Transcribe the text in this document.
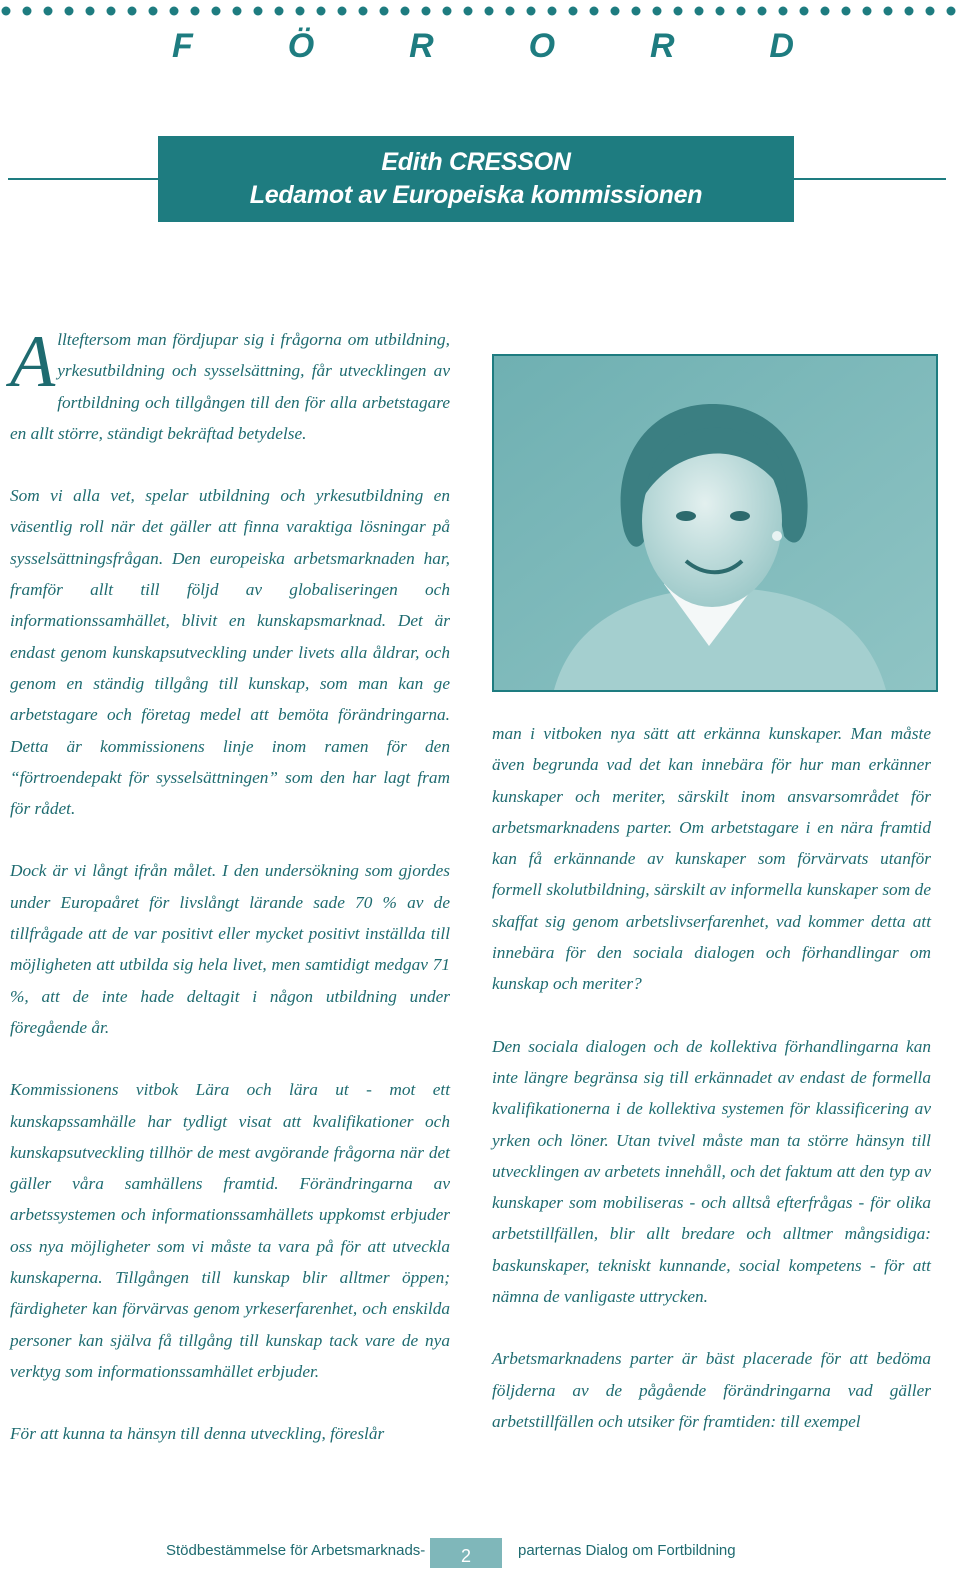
F	Ö	R	O	R	D
Edith CRESSON
Ledamot av Europeiska kommissionen

Allteftersom man fördjupar sig i frågorna om utbildning, yrkesutbildning och sysselsättning, får utvecklingen av fortbildning och tillgången till den för alla arbetstagare en allt större, ständigt bekräftad betydelse.

Som vi alla vet, spelar utbildning och yrkesutbildning en väsentlig roll när det gäller att finna varaktiga lösningar på sysselsättningsfrågan. Den europeiska arbetsmarknaden har, framför allt till följd av globaliseringen och informationssamhället, blivit en kunskapsmarknad. Det är endast genom kunskapsutveckling under livets alla åldrar, och genom en ständig tillgång till kunskap, som man kan ge arbetstagare och företag medel att bemöta förändringarna. Detta är kommissionens linje inom ramen för den “förtroendepakt för sysselsättningen” som den har lagt fram för rådet.

Dock är vi långt ifrån målet. I den undersökning som gjordes under Europaåret för livslångt lärande sade 70 % av de tillfrågade att de var positivt eller mycket positivt inställda till möjligheten att utbilda sig hela livet, men samtidigt medgav 71 %, att de inte hade deltagit i någon utbildning under föregående år.

Kommissionens vitbok Lära och lära ut - mot ett kunskapssamhälle har tydligt visat att kvalifikationer och kunskapsutveckling tillhör de mest avgörande frågorna när det gäller våra samhällens framtid. Förändringarna av arbetssystemen och informationssamhällets uppkomst erbjuder oss nya möjligheter som vi måste ta vara på för att utveckla kunskaperna. Tillgången till kunskap blir alltmer öppen; färdigheter kan förvärvas genom yrkeserfarenhet, och enskilda personer kan själva få tillgång till kunskap tack vare de nya verktyg som informationssamhället erbjuder.

För att kunna ta hänsyn till denna utveckling, föreslår

man i vitboken nya sätt att erkänna kunskaper. Man måste även begrunda vad det kan innebära för hur man erkänner kunskaper och meriter, särskilt inom ansvarsområdet för arbetsmarknadens parter. Om arbetstagare i en nära framtid kan få erkännande av kunskaper som förvärvats utanför formell skolutbildning, särskilt av informella kunskaper som de skaffat sig genom arbetslivserfarenhet, vad kommer detta att innebära för den sociala dialogen och förhandlingar om kunskap och meriter?

Den sociala dialogen och de kollektiva förhandlingarna kan inte längre begränsa sig till erkännadet av endast de formella kvalifikationerna i de kollektiva systemen för klassificering av yrken och löner. Utan tvivel måste man ta större hänsyn till utvecklingen av arbetets innehåll, och det faktum att den typ av kunskaper som mobiliseras - och alltså efterfrågas - för olika arbetstillfällen, blir allt bredare och alltmer mångsidiga: baskunskaper, tekniskt kunnande, social kompetens - för att nämna de vanligaste uttrycken.

Arbetsmarknadens parter är bäst placerade för att bedöma följderna av de pågående förändringarna vad gäller arbetstillfällen och utsiker för framtiden: till exempel

Stödbestämmelse för Arbetsmarknads-	2	parternas Dialog om Fortbildning
